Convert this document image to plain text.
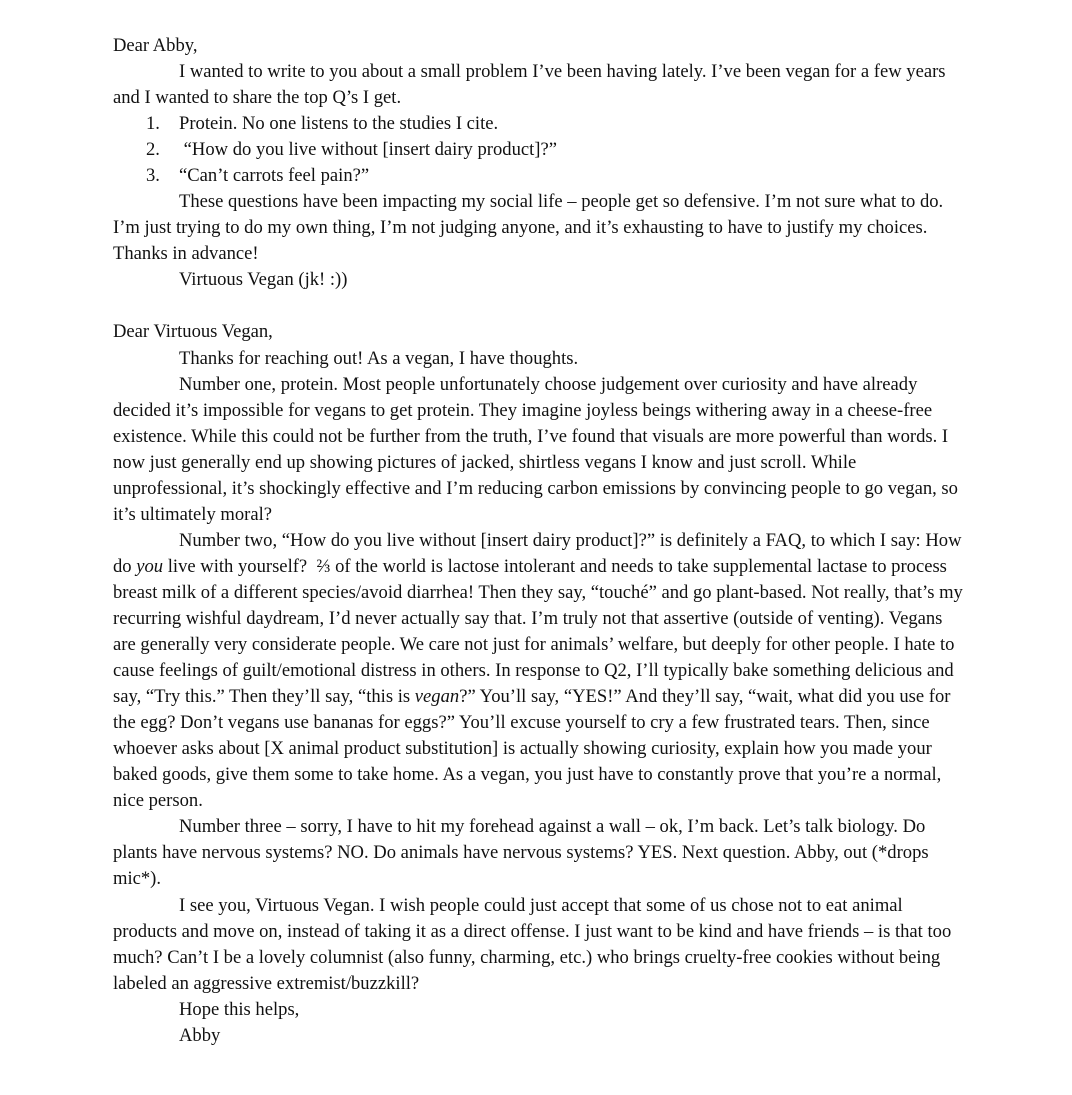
Dear Abby,

I wanted to write to you about a small problem I’ve been having lately. I’ve been vegan for a few years and I wanted to share the top Q’s I get.

1.	Protein. No one listens to the studies I cite.
2.	“How do you live without [insert dairy product]?”
3.	“Can’t carrots feel pain?”

These questions have been impacting my social life – people get so defensive. I’m not sure what to do. I’m just trying to do my own thing, I’m not judging anyone, and it’s exhausting to have to justify my choices. Thanks in advance!

Virtuous Vegan (jk! :))

Dear Virtuous Vegan,

Thanks for reaching out! As a vegan, I have thoughts.

Number one, protein. Most people unfortunately choose judgement over curiosity and have already decided it’s impossible for vegans to get protein. They imagine joyless beings withering away in a cheese-free existence. While this could not be further from the truth, I’ve found that visuals are more powerful than words. I now just generally end up showing pictures of jacked, shirtless vegans I know and just scroll. While unprofessional, it’s shockingly effective and I’m reducing carbon emissions by convincing people to go vegan, so it’s ultimately moral?

Number two, “How do you live without [insert dairy product]?” is definitely a FAQ, to which I say: How do you live with yourself?  ⅔ of the world is lactose intolerant and needs to take supplemental lactase to process breast milk of a different species/avoid diarrhea! Then they say, “touché” and go plant-based. Not really, that’s my recurring wishful daydream, I’d never actually say that. I’m truly not that assertive (outside of venting). Vegans are generally very considerate people. We care not just for animals’ welfare, but deeply for other people. I hate to cause feelings of guilt/emotional distress in others. In response to Q2, I’ll typically bake something delicious and say, “Try this.” Then they’ll say, “this is vegan?” You’ll say, “YES!” And they’ll say, “wait, what did you use for the egg? Don’t vegans use bananas for eggs?” You’ll excuse yourself to cry a few frustrated tears. Then, since whoever asks about [X animal product substitution] is actually showing curiosity, explain how you made your baked goods, give them some to take home. As a vegan, you just have to constantly prove that you’re a normal, nice person.

Number three – sorry, I have to hit my forehead against a wall – ok, I’m back. Let’s talk biology. Do plants have nervous systems? NO. Do animals have nervous systems? YES. Next question. Abby, out (*drops mic*).

I see you, Virtuous Vegan. I wish people could just accept that some of us chose not to eat animal products and move on, instead of taking it as a direct offense. I just want to be kind and have friends – is that too much? Can’t I be a lovely columnist (also funny, charming, etc.) who brings cruelty-free cookies without being labeled an aggressive extremist/buzzkill?

Hope this helps,

Abby
